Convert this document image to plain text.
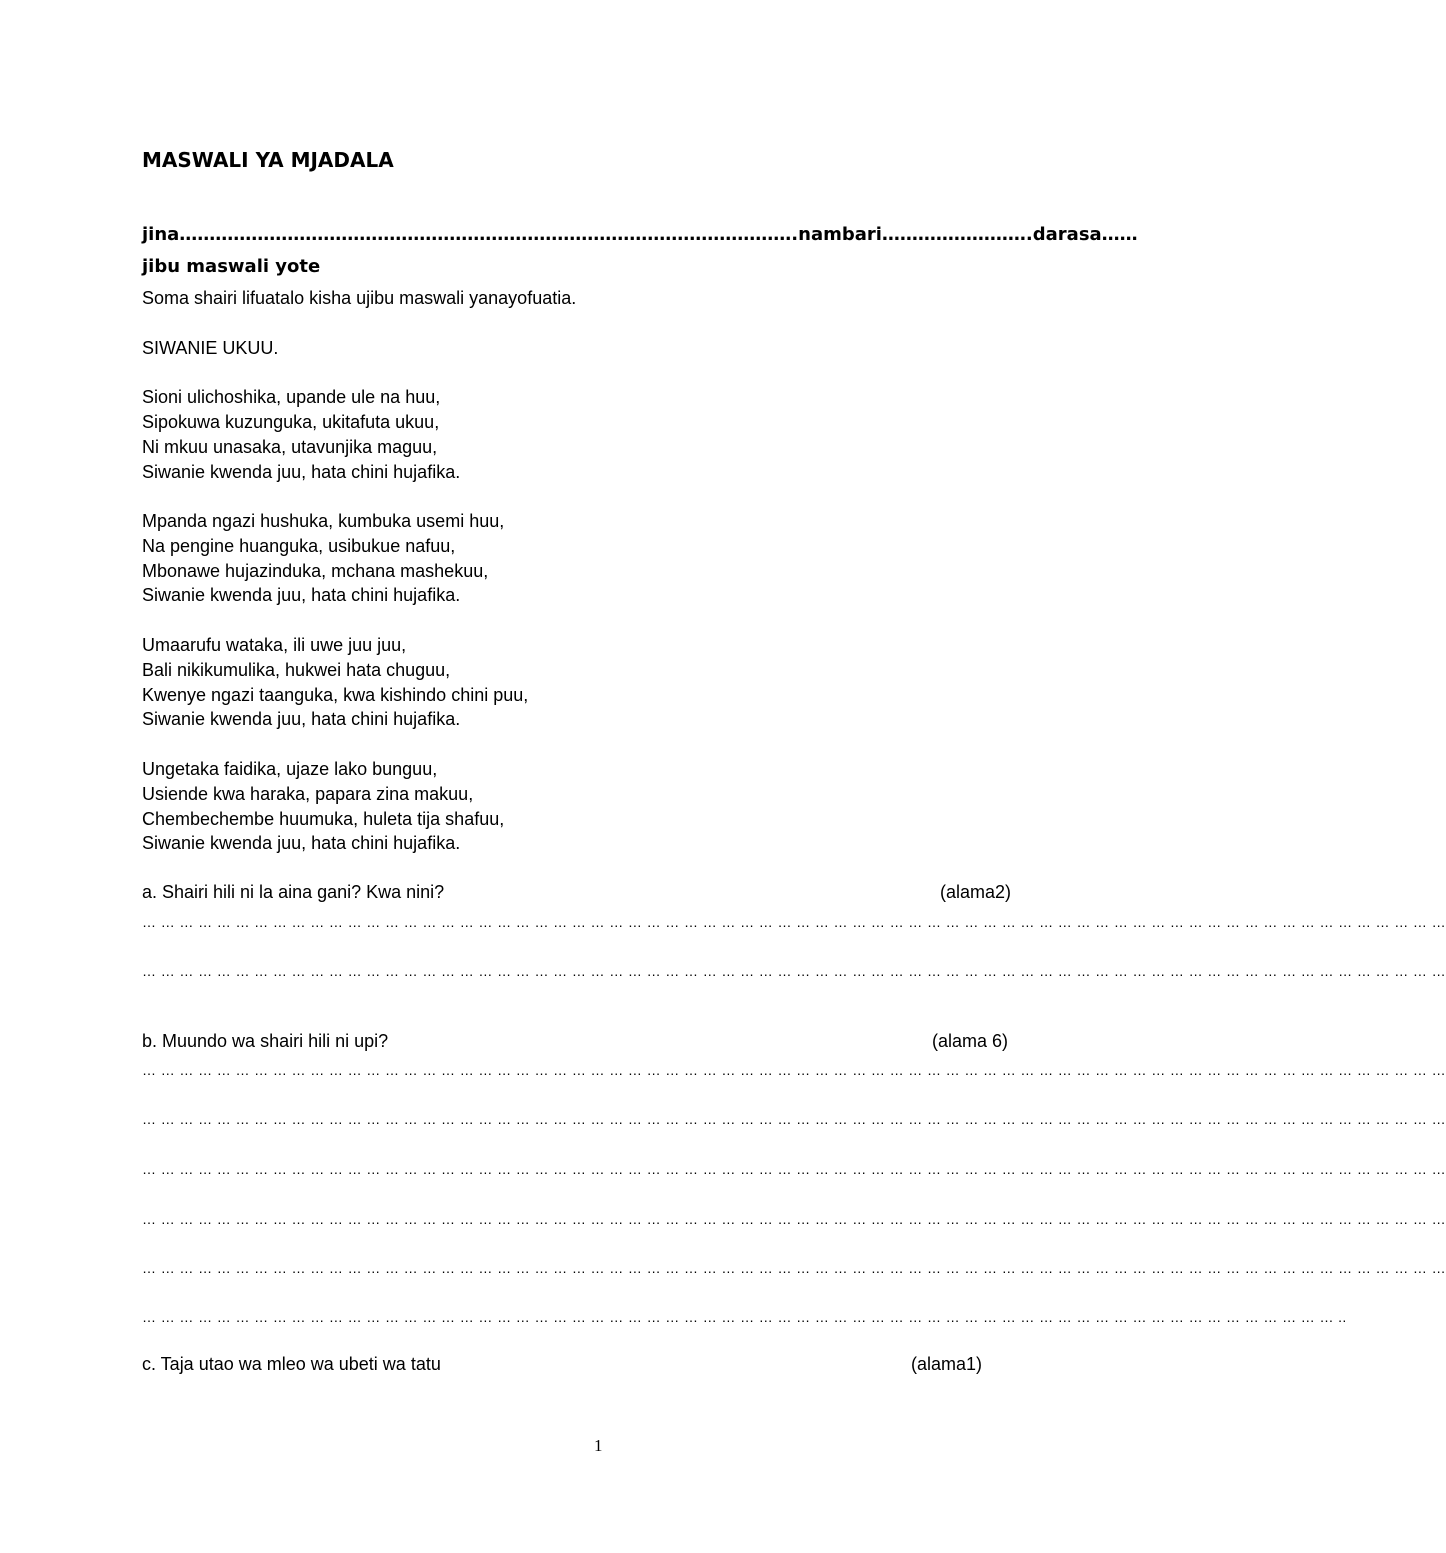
MASWALI YA MJADALA
jina………………………………………………………………………………………….nambari…………………….darasa……
jibu maswali yote
Soma shairi lifuatalo kisha ujibu maswali yanayofuatia.
SIWANIE UKUU.
Sioni ulichoshika, upande ule na huu,
Sipokuwa kuzunguka, ukitafuta ukuu,
Ni mkuu unasaka, utavunjika maguu,
Siwanie kwenda juu, hata chini hujafika.
Mpanda ngazi hushuka, kumbuka usemi huu,
Na pengine huanguka, usibukue nafuu,
Mbonawe hujazinduka, mchana mashekuu,
Siwanie kwenda juu, hata chini hujafika.
Umaarufu wataka, ili uwe juu juu,
Bali nikikumulika, hukwei hata chuguu,
Kwenye ngazi taanguka, kwa kishindo chini puu,
Siwanie kwenda juu, hata chini hujafika.
Ungetaka faidika, ujaze lako bunguu,
Usiende kwa haraka, papara zina makuu,
Chembechembe huumuka, huleta tija shafuu,
Siwanie kwenda juu, hata chini hujafika.
a. Shairi hili ni la aina gani? Kwa nini?	(alama2)
… … … … … … … … … … … … … … … … … … … … … … … … … … … … … … … … … … … … … … … … … … … … … … … … … … … … … … … … … … … … … … … … … … … … … …
… … … … … … … … … … … … … … … … … … … … … … … … … … … … … … … … … … … … … … … … … … … … … … … … … … … … … … … … … … … … … … … … … … … … … …
b. Muundo wa shairi hili ni upi?	(alama 6)
… … … … … … … … … … … … … … … … … … … … … … … … … … … … … … … … … … … … … … … … … … … … … … … … … … … … … … … … … … … … … … … … … … … … … …
… … … … … … … … … … … … … … … … … … … … … … … … … … … … … … … … … … … … … … … … … … … … … … … … … … … … … … … … … … … … … … … … … … … … … …
… … … … … … … … … … … … … … … … … … … … … … … … … … … … … … … … … … … … … … … … … … … … … … … … … … … … … … … … … … … … … … … … … … … … … …
… … … … … … … … … … … … … … … … … … … … … … … … … … … … … … … … … … … … … … … … … … … … … … … … … … … … … … … … … … … … … … … … … … … … … …
… … … … … … … … … … … … … … … … … … … … … … … … … … … … … … … … … … … … … … … … … … … … … … … … … … … … … … … … … … … … … … … … … … … … … …
… … … … … … … … … … … … … … … … … … … … … … … … … … … … … … … … … … … … … … … … … … … … … … … … … … … … … … … … … … … … … … … … ..
c. Taja utao wa mleo wa ubeti wa tatu	(alama1)
1
